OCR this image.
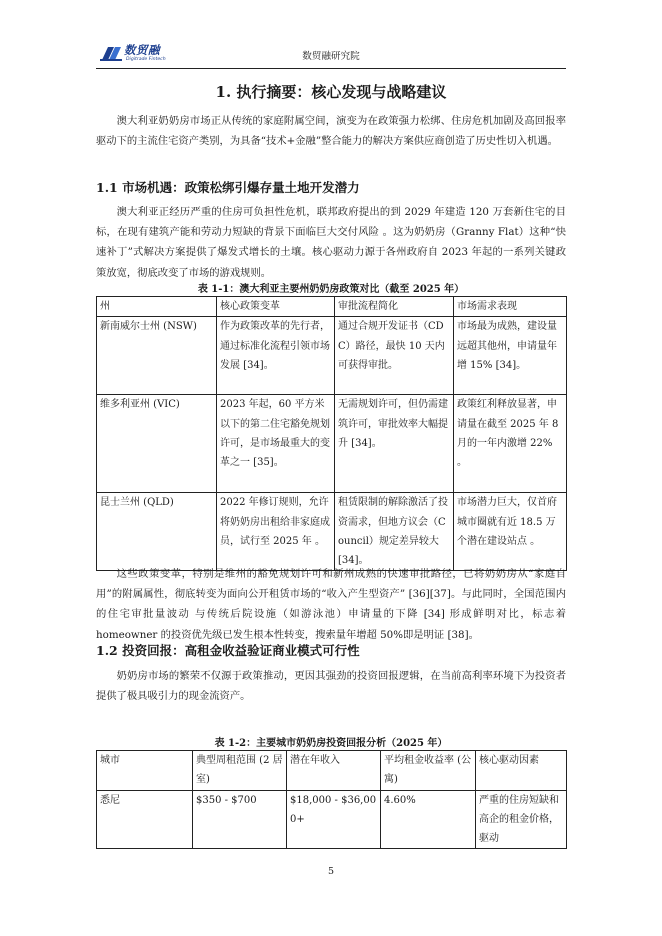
数贸融
Digitrade Fintech	数贸融研究院
1. 执行摘要：核心发现与战略建议

澳大利亚奶奶房市场正从传统的家庭附属空间，演变为在政策强力松绑、住房危机加剧及高回报率驱动下的主流住宅资产类别，为具备“技术+金融”整合能力的解决方案供应商创造了历史性切入机遇。

1.1 市场机遇：政策松绑引爆存量土地开发潜力

澳大利亚正经历严重的住房可负担性危机，联邦政府提出的到 2029 年建造 120 万套新住宅的目标，在现有建筑产能和劳动力短缺的背景下面临巨大交付风险 。这为奶奶房（Granny Flat）这种“快速补丁”式解决方案提供了爆发式增长的土壤。核心驱动力源于各州政府自 2023 年起的一系列关键政策放宽，彻底改变了市场的游戏规则。

表 1-1：澳大利亚主要州奶奶房政策对比（截至 2025 年）
州	核心政策变革	审批流程简化	市场需求表现
新南威尔士州 (NSW)	作为政策改革的先行者，通过标准化流程引领市场发展 [34]。	通过合规开发证书（CDC）路径，最快 10 天内可获得审批。	市场最为成熟，建设量远超其他州，申请量年增 15% [34]。
维多利亚州 (VIC)	2023 年起，60 平方米以下的第二住宅豁免规划许可，是市场最重大的变革之一 [35]。	无需规划许可，但仍需建筑许可，审批效率大幅提升 [34]。	政策红利释放显著，申请量在截至 2025 年 8 月的一年内激增 22% 。
昆士兰州 (QLD)	2022 年修订规则，允许将奶奶房出租给非家庭成员，试行至 2025 年 。	租赁限制的解除激活了投资需求，但地方议会（Council）规定差异较大 [34]。	市场潜力巨大，仅首府城市圈就有近 18.5 万个潜在建设站点 。

这些政策变革，特别是维州的豁免规划许可和新州成熟的快速审批路径，已将奶奶房从“家庭自用”的附属属性，彻底转变为面向公开租赁市场的“收入产生型资产” [36][37]。与此同时，全国范围内的住宅审批量波动 与传统后院设施（如游泳池）申请量的下降 [34] 形成鲜明对比，标志着 homeowner 的投资优先级已发生根本性转变，搜索量年增超 50%即是明证 [38]。

1.2 投资回报：高租金收益验证商业模式可行性

奶奶房市场的繁荣不仅源于政策推动，更因其强劲的投资回报逻辑，在当前高利率环境下为投资者提供了极具吸引力的现金流资产。

表 1-2：主要城市奶奶房投资回报分析（2025 年）
城市	典型周租范围 (2 居室)	潜在年收入	平均租金收益率 (公寓)	核心驱动因素
悉尼	$350 - $700	$18,000 - $36,000+	4.60%	严重的住房短缺和高企的租金价格，驱动
5
